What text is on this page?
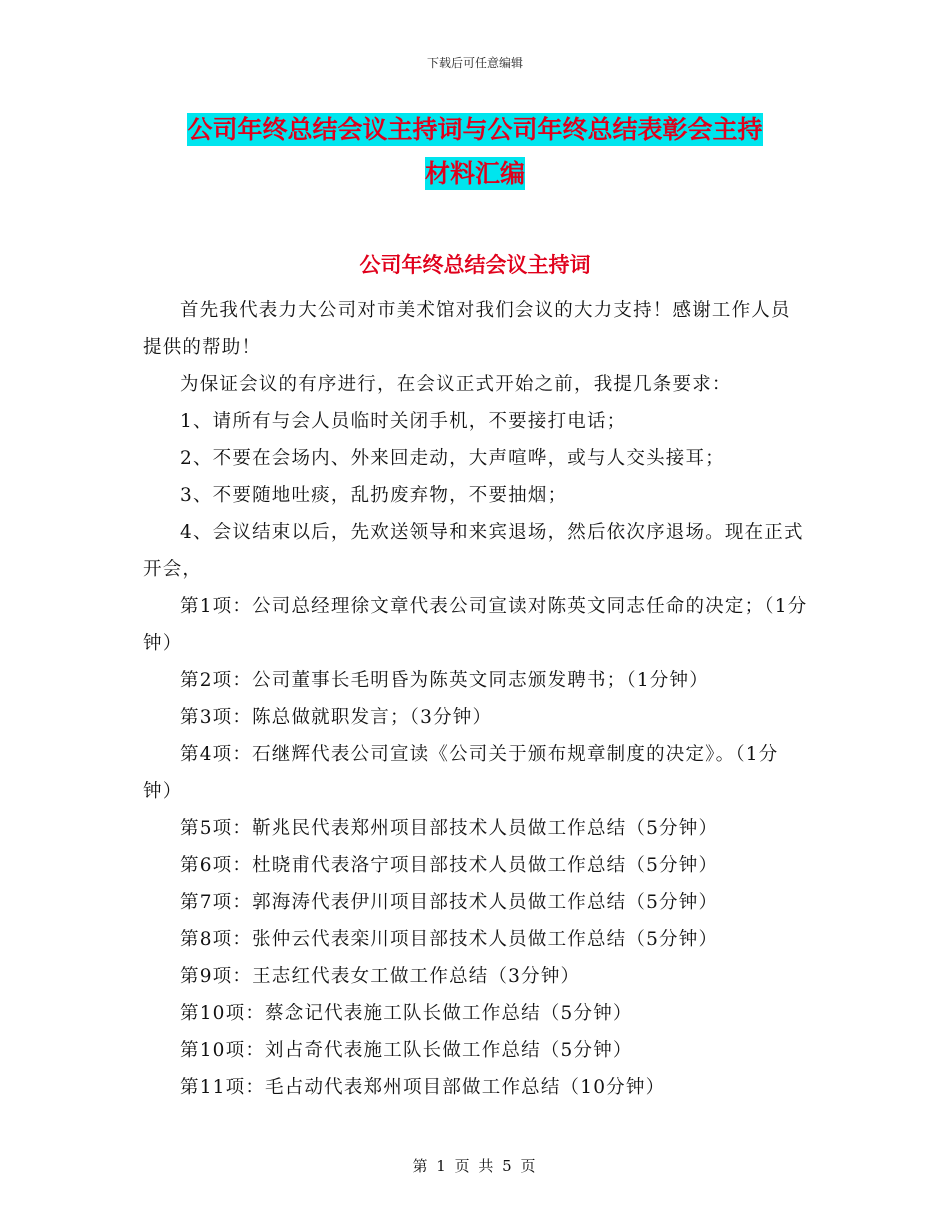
下载后可任意编辑
公司年终总结会议主持词与公司年终总结表彰会主持
材料汇编
公司年终总结会议主持词

首先我代表力大公司对市美术馆对我们会议的大力支持！感谢工作人员提供的帮助！

为保证会议的有序进行，在会议正式开始之前，我提几条要求：

1、请所有与会人员临时关闭手机，不要接打电话；

2、不要在会场内、外来回走动，大声喧哗，或与人交头接耳；

3、不要随地吐痰，乱扔废弃物，不要抽烟；

4、会议结束以后，先欢送领导和来宾退场，然后依次序退场。现在正式开会，

第1项：公司总经理徐文章代表公司宣读对陈英文同志任命的决定；（1分钟）

第2项：公司董事长毛明昏为陈英文同志颁发聘书；（1分钟）

第3项：陈总做就职发言；（3分钟）

第4项：石继辉代表公司宣读《公司关于颁布规章制度的决定》。（1分钟）

第5项：靳兆民代表郑州项目部技术人员做工作总结（5分钟）

第6项：杜晓甫代表洛宁项目部技术人员做工作总结（5分钟）

第7项：郭海涛代表伊川项目部技术人员做工作总结（5分钟）

第8项：张仲云代表栾川项目部技术人员做工作总结（5分钟）

第9项：王志红代表女工做工作总结（3分钟）

第10项：蔡念记代表施工队长做工作总结（5分钟）

第10项：刘占奇代表施工队长做工作总结（5分钟）

第11项：毛占动代表郑州项目部做工作总结（10分钟）

第 1 页 共 5 页
